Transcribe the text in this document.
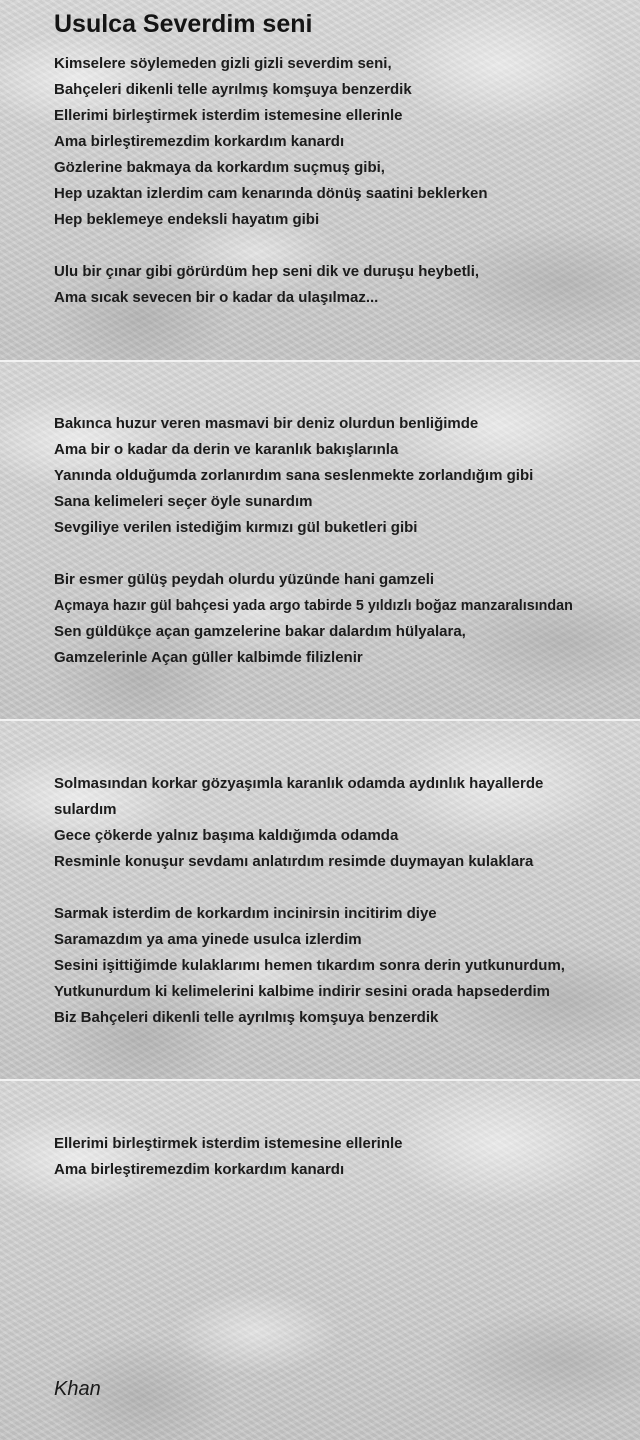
Usulca Severdim seni
Kimselere söylemeden gizli gizli severdim seni,
Bahçeleri dikenli telle ayrılmış komşuya benzerdik
Ellerimi birleştirmek isterdim istemesine ellerinle
Ama birleştiremezdim korkardım kanardı
Gözlerine bakmaya da korkardım suçmuş gibi,
Hep uzaktan izlerdim cam kenarında dönüş saatini beklerken
Hep beklemeye endeksli hayatım gibi
Ulu bir çınar gibi görürdüm hep seni dik ve duruşu heybetli,
Ama sıcak sevecen bir o kadar da ulaşılmaz...
Bakınca huzur veren masmavi bir deniz olurdun benliğimde
Ama bir o kadar da derin ve karanlık bakışlarınla
Yanında olduğumda zorlanırdım sana seslenmekte zorlandığım gibi
Sana kelimeleri seçer öyle sunardım
Sevgiliye verilen istediğim kırmızı gül buketleri gibi
Bir esmer gülüş peydah olurdu yüzünde hani gamzeli
Açmaya hazır gül bahçesi yada argo tabirde 5 yıldızlı boğaz manzaralısından
Sen güldükçe açan gamzelerine bakar dalardım hülyalara,
Gamzelerinle Açan güller kalbimde filizlenir
Solmasından korkar gözyaşımla karanlık odamda aydınlık hayallerde
sulardım
Gece çökerde yalnız başıma kaldığımda odamda
Resminle konuşur sevdamı anlatırdım resimde duymayan kulaklara
Sarmak isterdim de korkardım incinirsin incitirim diye
Saramazdım ya ama yinede usulca izlerdim
Sesini işittiğimde kulaklarımı hemen tıkardım sonra derin yutkunurdum,
Yutkunurdum ki kelimelerini kalbime indirir sesini orada hapsederdim
Biz Bahçeleri dikenli telle ayrılmış komşuya benzerdik
Ellerimi birleştirmek isterdim istemesine ellerinle
Ama birleştiremezdim korkardım kanardı
Khan
